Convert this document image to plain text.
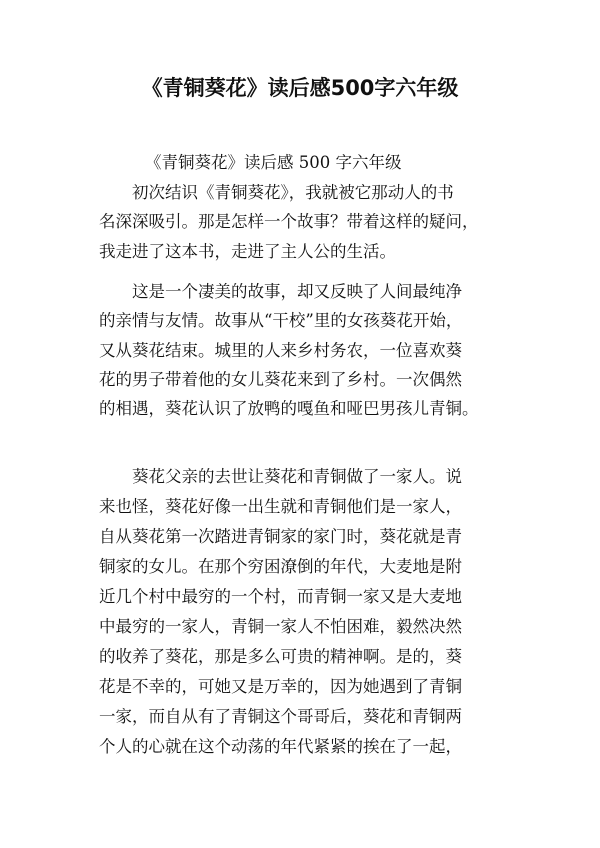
《青铜葵花》读后感500字六年级
《青铜葵花》读后感 500 字六年级
初次结识《青铜葵花》，我就被它那动人的书
名深深吸引。那是怎样一个故事？带着这样的疑问，
我走进了这本书，走进了主人公的生活。
这是一个凄美的故事，却又反映了人间最纯净
的亲情与友情。故事从“干校”里的女孩葵花开始，
又从葵花结束。城里的人来乡村务农，一位喜欢葵
花的男子带着他的女儿葵花来到了乡村。一次偶然
的相遇，葵花认识了放鸭的嘎鱼和哑巴男孩儿青铜。
葵花父亲的去世让葵花和青铜做了一家人。说
来也怪，葵花好像一出生就和青铜他们是一家人，
自从葵花第一次踏进青铜家的家门时，葵花就是青
铜家的女儿。在那个穷困潦倒的年代，大麦地是附
近几个村中最穷的一个村，而青铜一家又是大麦地
中最穷的一家人，青铜一家人不怕困难，毅然决然
的收养了葵花，那是多么可贵的精神啊。是的，葵
花是不幸的，可她又是万幸的，因为她遇到了青铜
一家，而自从有了青铜这个哥哥后，葵花和青铜两
个人的心就在这个动荡的年代紧紧的挨在了一起，
